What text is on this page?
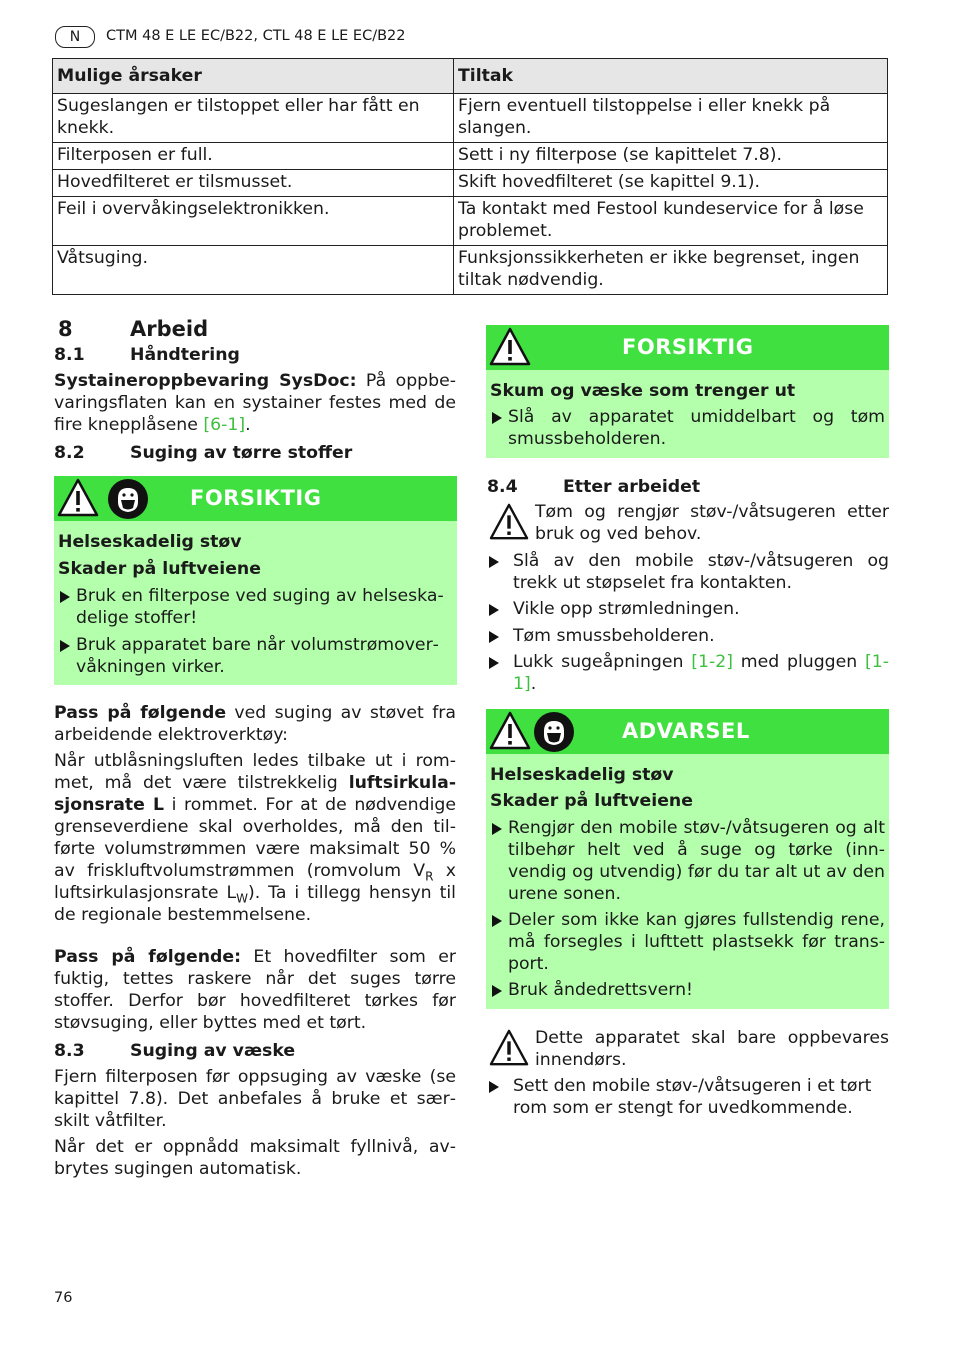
N	CTM 48 E LE EC/B22, CTL 48 E LE EC/B22
Mulige årsaker	Tiltak
Sugeslangen er tilstoppet eller har fått en knekk.	Fjern eventuell tilstoppelse i eller knekk på slangen.
Filterposen er full.	Sett i ny filterpose (se kapittelet 7.8).
Hovedfilteret er tilsmusset.	Skift hovedfilteret (se kapittel 9.1).
Feil i overvåkingselektronikken.	Ta kontakt med Festool kundeservice for å løse problemet.
Våtsuging.	Funksjonssikkerheten er ikke begrenset, ingen tiltak nødvendig.
8	Arbeid
8.1	Håndtering
Systaineroppbevaring SysDoc: På oppbevaringsflaten kan en systainer festes med de fire knepplåsene [6-1].
8.2	Suging av tørre stoffer
FORSIKTIG

Helseskadelig støv

Skader på luftveiene

Bruk en filterpose ved suging av helseskadelige stoffer!
Bruk apparatet bare når volumstrømovervåkningen virker.
Pass på følgende ved suging av støvet fra arbeidende elektroverktøy:
Når utblåsningsluften ledes tilbake ut i rommet, må det være tilstrekkelig luftsirkulasjonsrate L i rommet. For at de nødvendige grenseverdiene skal overholdes, må den tilførte volumstrømmen være maksimalt 50 % av friskluftvolumstrømmen (romvolum $V_R$ x luftsirkulasjonsrate $L_W$). Ta i tillegg hensyn til de regionale bestemmelsene.
Pass på følgende: Et hovedfilter som er fuktig, tettes raskere når det suges tørre stoffer. Derfor bør hovedfilteret tørkes før støvsuging, eller byttes med et tørt.
8.3	Suging av væske
Fjern filterposen før oppsuging av væske (se kapittel 7.8). Det anbefales å bruke et særskilt våtfilter.
Når det er oppnådd maksimalt fyllnivå, avbrytes sugingen automatisk.
FORSIKTIG

Skum og væske som trenger ut

Slå av apparatet umiddelbart og tøm smussbeholderen.
8.4	Etter arbeidet
Tøm og rengjør støv-/våtsugeren etter bruk og ved behov.
Slå av den mobile støv-/våtsugeren og trekk ut støpselet fra kontakten.
Vikle opp strømledningen.
Tøm smussbeholderen.
Lukk sugeåpningen [1-2] med pluggen [1-1].
ADVARSEL

Helseskadelig støv

Skader på luftveiene

Rengjør den mobile støv-/våtsugeren og alt tilbehør helt ved å suge og tørke (innvendig og utvendig) før du tar alt ut av den urene sonen.
Deler som ikke kan gjøres fullstendig rene, må forsegles i lufttett plastsekk før transport.
Bruk åndedrettsvern!
Dette apparatet skal bare oppbevares innendørs.
Sett den mobile støv-/våtsugeren i et tørt rom som er stengt for uvedkommende.
76
